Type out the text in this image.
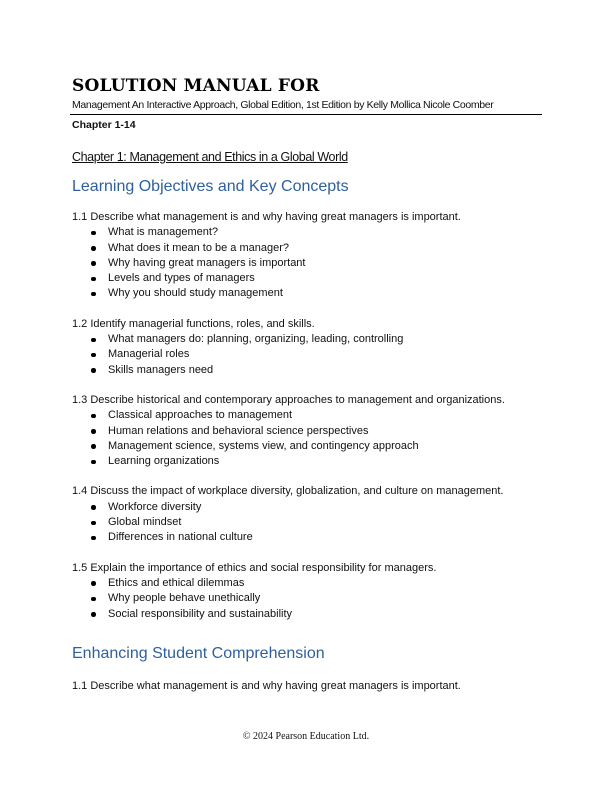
SOLUTION MANUAL FOR
Management An Interactive Approach, Global Edition, 1st Edition by Kelly Mollica Nicole Coomber
Chapter 1-14
Chapter 1: Management and Ethics in a Global World
Learning Objectives and Key Concepts
1.1 Describe what management is and why having great managers is important.
What is management?
What does it mean to be a manager?
Why having great managers is important
Levels and types of managers
Why you should study management
1.2 Identify managerial functions, roles, and skills.
What managers do: planning, organizing, leading, controlling
Managerial roles
Skills managers need
1.3 Describe historical and contemporary approaches to management and organizations.
Classical approaches to management
Human relations and behavioral science perspectives
Management science, systems view, and contingency approach
Learning organizations
1.4 Discuss the impact of workplace diversity, globalization, and culture on management.
Workforce diversity
Global mindset
Differences in national culture
1.5 Explain the importance of ethics and social responsibility for managers.
Ethics and ethical dilemmas
Why people behave unethically
Social responsibility and sustainability
Enhancing Student Comprehension
1.1 Describe what management is and why having great managers is important.
© 2024 Pearson Education Ltd.
